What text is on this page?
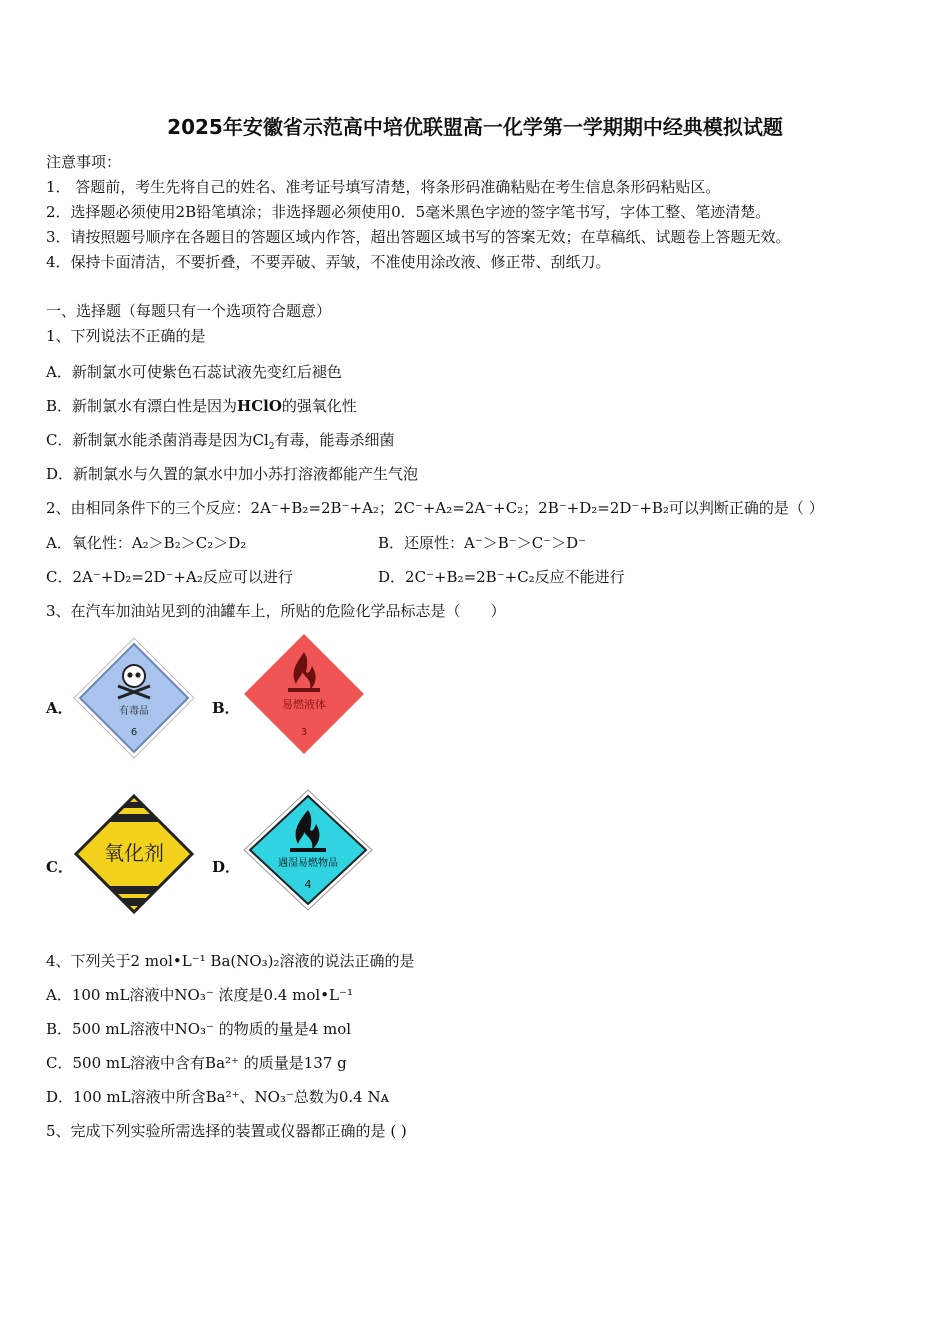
2025年安徽省示范高中培优联盟高一化学第一学期期中经典模拟试题
注意事项：
1． 答题前，考生先将自己的姓名、准考证号填写清楚，将条形码准确粘贴在考生信息条形码粘贴区。
2．选择题必须使用2B铅笔填涂；非选择题必须使用0．5毫米黑色字迹的签字笔书写，字体工整、笔迹清楚。
3．请按照题号顺序在各题目的答题区域内作答，超出答题区域书写的答案无效；在草稿纸、试题卷上答题无效。
4．保持卡面清洁，不要折叠，不要弄破、弄皱，不准使用涂改液、修正带、刮纸刀。
一、选择题（每题只有一个选项符合题意）
1、下列说法不正确的是
A．新制氯水可使紫色石蕊试液先变红后褪色
B．新制氯水有漂白性是因为HClO的强氧化性
C．新制氯水能杀菌消毒是因为$Cl_2$有毒，能毒杀细菌
D．新制氯水与久置的氯水中加小苏打溶液都能产生气泡
2、由相同条件下的三个反应：2A⁻+B₂=2B⁻+A₂；2C⁻+A₂=2A⁻+C₂；2B⁻+D₂=2D⁻+B₂可以判断正确的是（ ）
A．氧化性：A₂＞B₂＞C₂＞D₂	B．还原性：A⁻＞B⁻＞C⁻＞D⁻
C．2A⁻+D₂=2D⁻+A₂反应可以进行	D．2C⁻+B₂=2B⁻+C₂反应不能进行
3、在汽车加油站见到的油罐车上，所贴的危险化学品标志是（　　）
A．	有毒品
6
B．	易燃液体
3
C．
氧化剂
D．	遇湿易燃物品
4
4、下列关于2 mol•L⁻¹ Ba(NO₃)₂溶液的说法正确的是
A．100 mL溶液中NO₃⁻ 浓度是0.4 mol•L⁻¹
B．500 mL溶液中NO₃⁻ 的物质的量是4 mol
C．500 mL溶液中含有Ba²⁺ 的质量是137 g
D．100 mL溶液中所含Ba²⁺、NO₃⁻总数为0.4 Nᴀ
5、完成下列实验所需选择的装置或仪器都正确的是 ( )
